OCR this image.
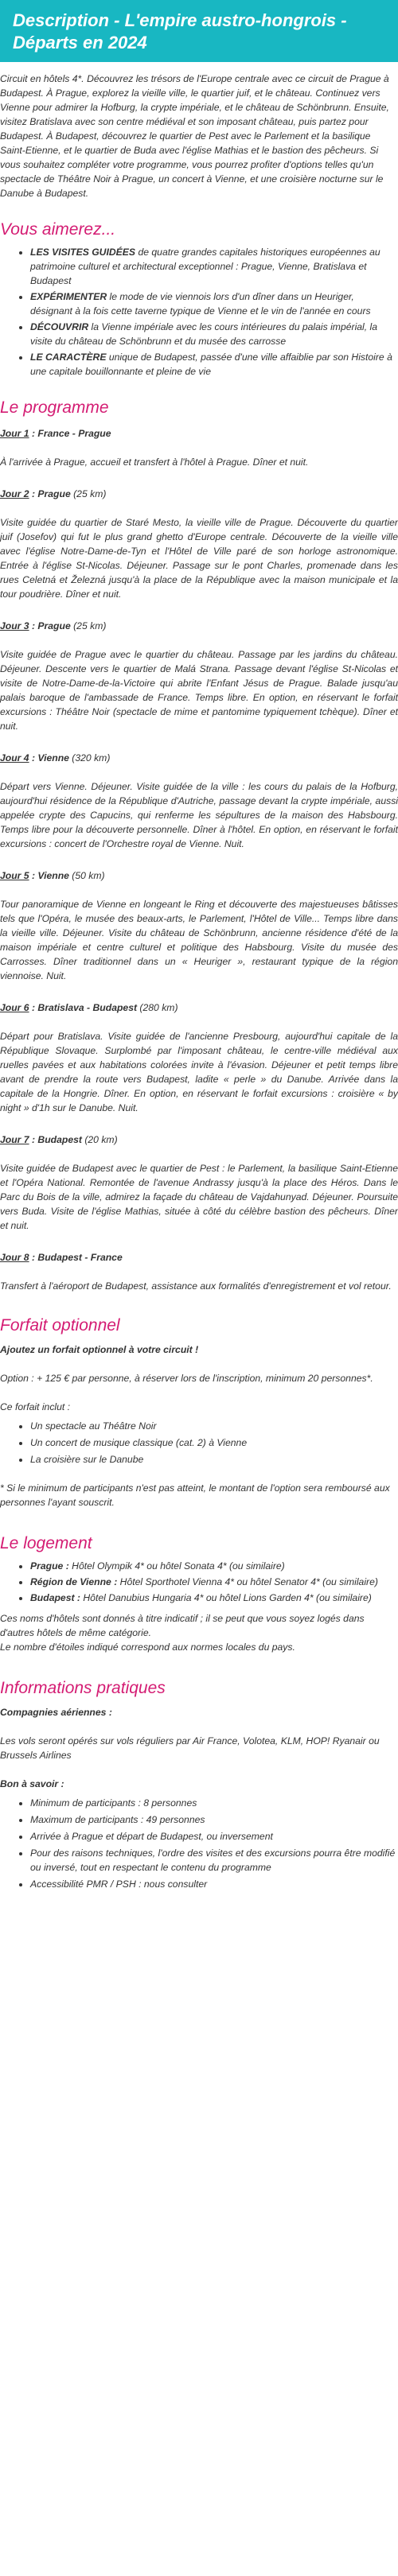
Description - L'empire austro-hongrois -
Départs en 2024

Circuit en hôtels 4*. Découvrez les trésors de l'Europe centrale avec ce circuit de Prague à Budapest. À Prague, explorez la vieille ville, le quartier juif, et le château. Continuez vers Vienne pour admirer la Hofburg, la crypte impériale, et le château de Schönbrunn. Ensuite, visitez Bratislava avec son centre médiéval et son imposant château, puis partez pour Budapest. À Budapest, découvrez le quartier de Pest avec le Parlement et la basilique Saint-Etienne, et le quartier de Buda avec l'église Mathias et le bastion des pêcheurs. Si vous souhaitez compléter votre programme, vous pourrez profiter d'options telles qu'un spectacle de Théâtre Noir à Prague, un concert à Vienne, et une croisière nocturne sur le Danube à Budapest.

Vous aimerez...
• LES VISITES GUIDÉES de quatre grandes capitales historiques européennes au patrimoine culturel et architectural exceptionnel : Prague, Vienne, Bratislava et Budapest
• EXPÉRIMENTER le mode de vie viennois lors d'un dîner dans un Heuriger, désignant à la fois cette taverne typique de Vienne et le vin de l'année en cours
• DÉCOUVRIR la Vienne impériale avec les cours intérieures du palais impérial, la visite du château de Schönbrunn et du musée des carrosse
• LE CARACTÈRE unique de Budapest, passée d'une ville affaiblie par son Histoire à une capitale bouillonnante et pleine de vie
Le programme

Jour 1 : France - Prague

À l'arrivée à Prague, accueil et transfert à l'hôtel à Prague. Dîner et nuit.

Jour 2 : Prague (25 km)

Visite guidée du quartier de Staré Mesto, la vieille ville de Prague. Découverte du quartier juif (Josefov) qui fut le plus grand ghetto d'Europe centrale. Découverte de la vieille ville avec l'église Notre-Dame-de-Tyn et l'Hôtel de Ville paré de son horloge astronomique. Entrée à l'église St-Nicolas. Déjeuner. Passage sur le pont Charles, promenade dans les rues Celetná et Železná jusqu'à la place de la République avec la maison municipale et la tour poudrière. Dîner et nuit.

Jour 3 : Prague (25 km)

Visite guidée de Prague avec le quartier du château. Passage par les jardins du château. Déjeuner. Descente vers le quartier de Malá Strana. Passage devant l'église St-Nicolas et visite de Notre-Dame-de-la-Victoire qui abrite l'Enfant Jésus de Prague. Balade jusqu'au palais baroque de l'ambassade de France. Temps libre. En option, en réservant le forfait excursions : Théâtre Noir (spectacle de mime et pantomime typiquement tchèque). Dîner et nuit.

Jour 4 : Vienne (320 km)

Départ vers Vienne. Déjeuner. Visite guidée de la ville : les cours du palais de la Hofburg, aujourd'hui résidence de la République d'Autriche, passage devant la crypte impériale, aussi appelée crypte des Capucins, qui renferme les sépultures de la maison des Habsbourg. Temps libre pour la découverte personnelle. Dîner à l'hôtel. En option, en réservant le forfait excursions : concert de l'Orchestre royal de Vienne. Nuit.

Jour 5 : Vienne (50 km)

Tour panoramique de Vienne en longeant le Ring et découverte des majestueuses bâtisses tels que l'Opéra, le musée des beaux-arts, le Parlement, l'Hôtel de Ville... Temps libre dans la vieille ville. Déjeuner. Visite du château de Schönbrunn, ancienne résidence d'été de la maison impériale et centre culturel et politique des Habsbourg. Visite du musée des Carrosses. Dîner traditionnel dans un « Heuriger », restaurant typique de la région viennoise. Nuit.

Jour 6 : Bratislava - Budapest (280 km)

Départ pour Bratislava. Visite guidée de l'ancienne Presbourg, aujourd'hui capitale de la République Slovaque. Surplombé par l'imposant château, le centre-ville médiéval aux ruelles pavées et aux habitations colorées invite à l'évasion. Déjeuner et petit temps libre avant de prendre la route vers Budapest, ladite « perle » du Danube. Arrivée dans la capitale de la Hongrie. Dîner. En option, en réservant le forfait excursions : croisière « by night » d'1h sur le Danube. Nuit.

Jour 7 : Budapest (20 km)

Visite guidée de Budapest avec le quartier de Pest : le Parlement, la basilique Saint-Etienne et l'Opéra National. Remontée de l'avenue Andrassy jusqu'à la place des Héros. Dans le Parc du Bois de la ville, admirez la façade du château de Vajdahunyad. Déjeuner. Poursuite vers Buda. Visite de l'église Mathias, située à côté du célèbre bastion des pêcheurs. Dîner et nuit.

Jour 8 : Budapest - France

Transfert à l'aéroport de Budapest, assistance aux formalités d'enregistrement et vol retour.

Forfait optionnel

Ajoutez un forfait optionnel à votre circuit !

Option : + 125 € par personne, à réserver lors de l'inscription, minimum 20 personnes*.

Ce forfait inclut :

• Un spectacle au Théâtre Noir
• Un concert de musique classique (cat. 2) à Vienne
• La croisière sur le Danube

* Si le minimum de participants n'est pas atteint, le montant de l'option sera remboursé aux personnes l'ayant souscrit.

Le logement
• Prague : Hôtel Olympik 4* ou hôtel Sonata 4* (ou similaire)
• Région de Vienne : Hôtel Sporthotel Vienna 4* ou hôtel Senator 4* (ou similaire)
• Budapest : Hôtel Danubius Hungaria 4* ou hôtel Lions Garden 4* (ou similaire)

Ces noms d'hôtels sont donnés à titre indicatif ; il se peut que vous soyez logés dans d'autres hôtels de même catégorie.

Le nombre d'étoiles indiqué correspond aux normes locales du pays.

Informations pratiques

Compagnies aériennes :

Les vols seront opérés sur vols réguliers par Air France, Volotea, KLM, HOP! Ryanair ou Brussels Airlines

Bon à savoir :

• Minimum de participants : 8 personnes
• Maximum de participants : 49 personnes
• Arrivée à Prague et départ de Budapest, ou inversement
• Pour des raisons techniques, l'ordre des visites et des excursions pourra être modifié ou inversé, tout en respectant le contenu du programme
• Accessibilité PMR / PSH : nous consulter
